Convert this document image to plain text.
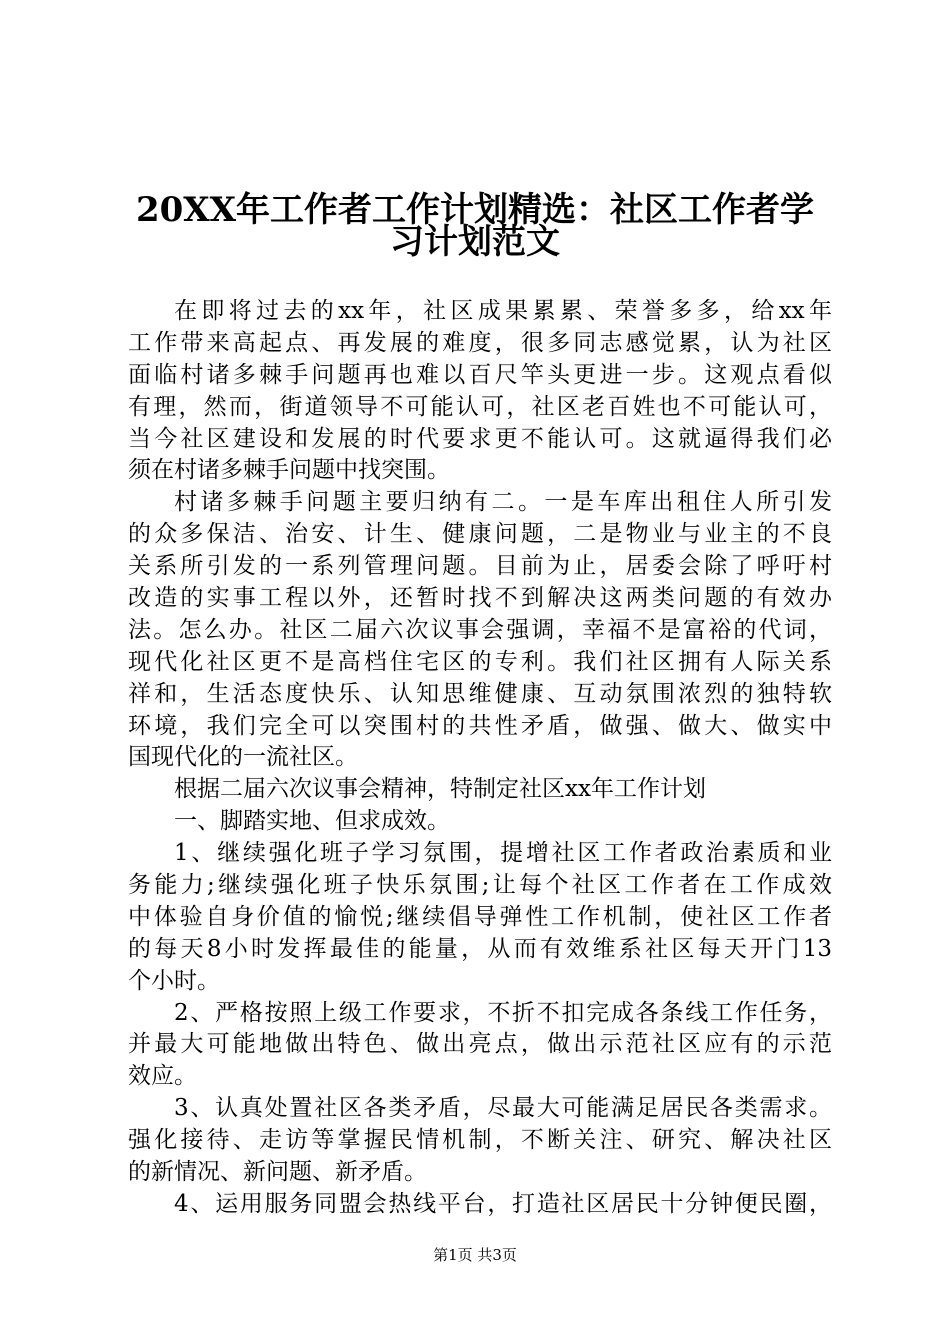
20XX年工作者工作计划精选：社区工作者学
习计划范文
在即将过去的xx年，社区成果累累、荣誉多多，给xx年
工作带来高起点、再发展的难度，很多同志感觉累，认为社区
面临村诸多棘手问题再也难以百尺竿头更进一步。这观点看似
有理，然而，街道领导不可能认可，社区老百姓也不可能认可，
当今社区建设和发展的时代要求更不能认可。这就逼得我们必
须在村诸多棘手问题中找突围。
村诸多棘手问题主要归纳有二。一是车库出租住人所引发
的众多保洁、治安、计生、健康问题，二是物业与业主的不良
关系所引发的一系列管理问题。目前为止，居委会除了呼吁村
改造的实事工程以外，还暂时找不到解决这两类问题的有效办
法。怎么办。社区二届六次议事会强调，幸福不是富裕的代词，
现代化社区更不是高档住宅区的专利。我们社区拥有人际关系
祥和，生活态度快乐、认知思维健康、互动氛围浓烈的独特软
环境，我们完全可以突围村的共性矛盾，做强、做大、做实中
国现代化的一流社区。
根据二届六次议事会精神，特制定社区xx年工作计划
一、脚踏实地、但求成效。
1、继续强化班子学习氛围，提增社区工作者政治素质和业
务能力;继续强化班子快乐氛围;让每个社区工作者在工作成效
中体验自身价值的愉悦;继续倡导弹性工作机制，使社区工作者
的每天8小时发挥最佳的能量，从而有效维系社区每天开门13
个小时。
2、严格按照上级工作要求，不折不扣完成各条线工作任务，
并最大可能地做出特色、做出亮点，做出示范社区应有的示范
效应。
3、认真处置社区各类矛盾，尽最大可能满足居民各类需求。
强化接待、走访等掌握民情机制，不断关注、研究、解决社区
的新情况、新问题、新矛盾。
4、运用服务同盟会热线平台，打造社区居民十分钟便民圈，
第1页 共3页
